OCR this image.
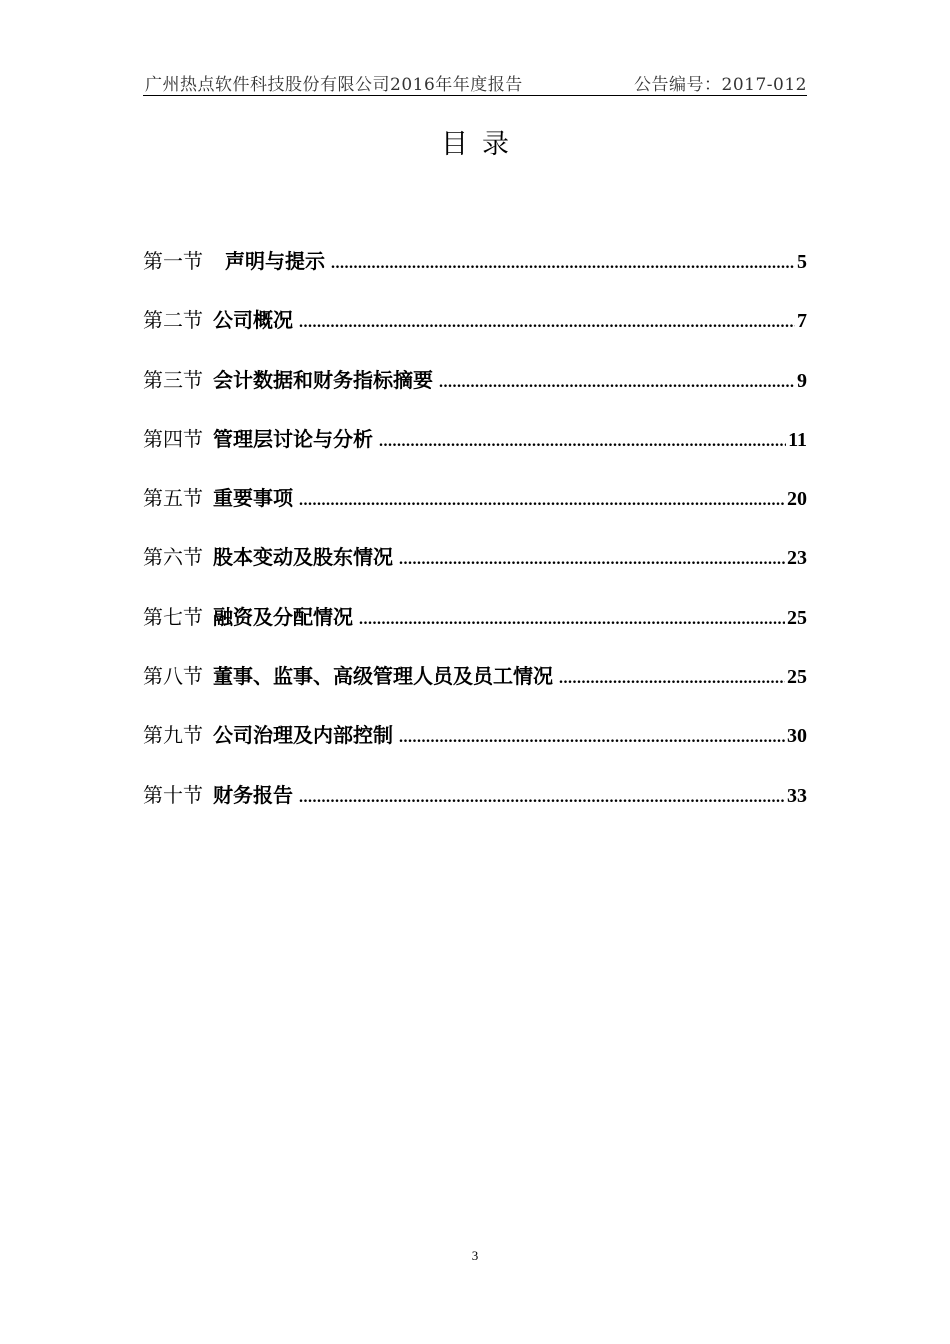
广州热点软件科技股份有限公司2016年年度报告	公告编号：2017-012
目录
第一节 声明与提示 .....	5
第二节 公司概况 .....	7
第三节 会计数据和财务指标摘要 .....	9
第四节 管理层讨论与分析 .....	11
第五节 重要事项 .....	20
第六节 股本变动及股东情况 .....	23
第七节 融资及分配情况 .....	25
第八节 董事、监事、高级管理人员及员工情况 .....	25
第九节 公司治理及内部控制 .....	30
第十节 财务报告 .....	33
3
